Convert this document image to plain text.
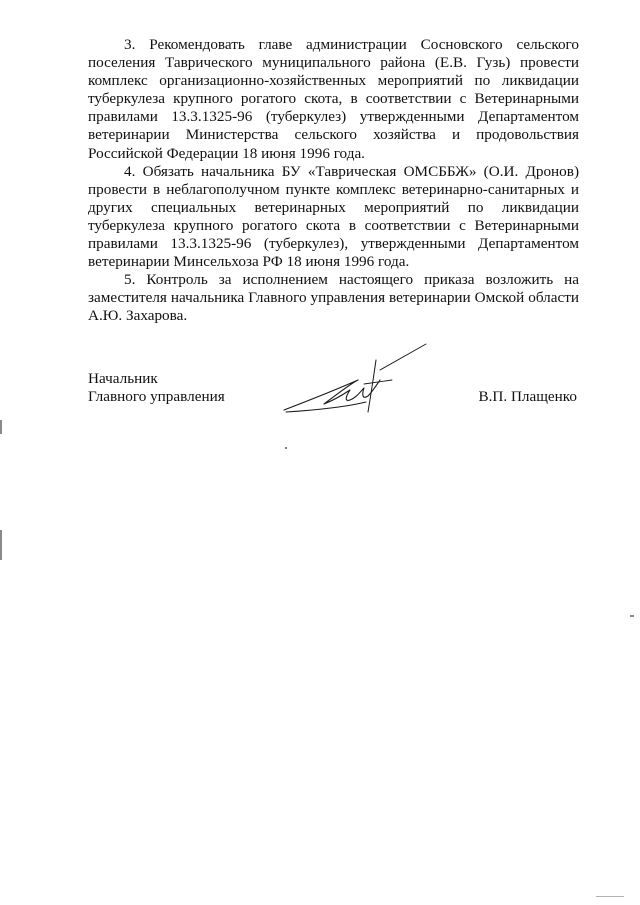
3. Рекомендовать главе администрации Сосновского сельского поселения Таврического муниципального района (Е.В. Гузь) провести комплекс организационно-хозяйственных мероприятий по ликвидации туберкулеза крупного рогатого скота, в соответствии с Ветеринарными правилами 13.3.1325-96 (туберкулез) утвержденными Департаментом ветеринарии Министерства сельского хозяйства и продовольствия Российской Федерации 18 июня 1996 года.

4. Обязать начальника БУ «Таврическая ОМСББЖ» (О.И. Дронов) провести в неблагополучном пункте комплекс ветеринарно-санитарных и других специальных ветеринарных мероприятий по ликвидации туберкулеза крупного рогатого скота в соответствии с Ветеринарными правилами 13.3.1325-96 (туберкулез), утвержденными Департаментом ветеринарии Минсельхоза РФ 18 июня 1996 года.

5. Контроль за исполнением настоящего приказа возложить на заместителя начальника Главного управления ветеринарии Омской области А.Ю. Захарова.

Начальник
Главного управления	В.П. Плащенко
